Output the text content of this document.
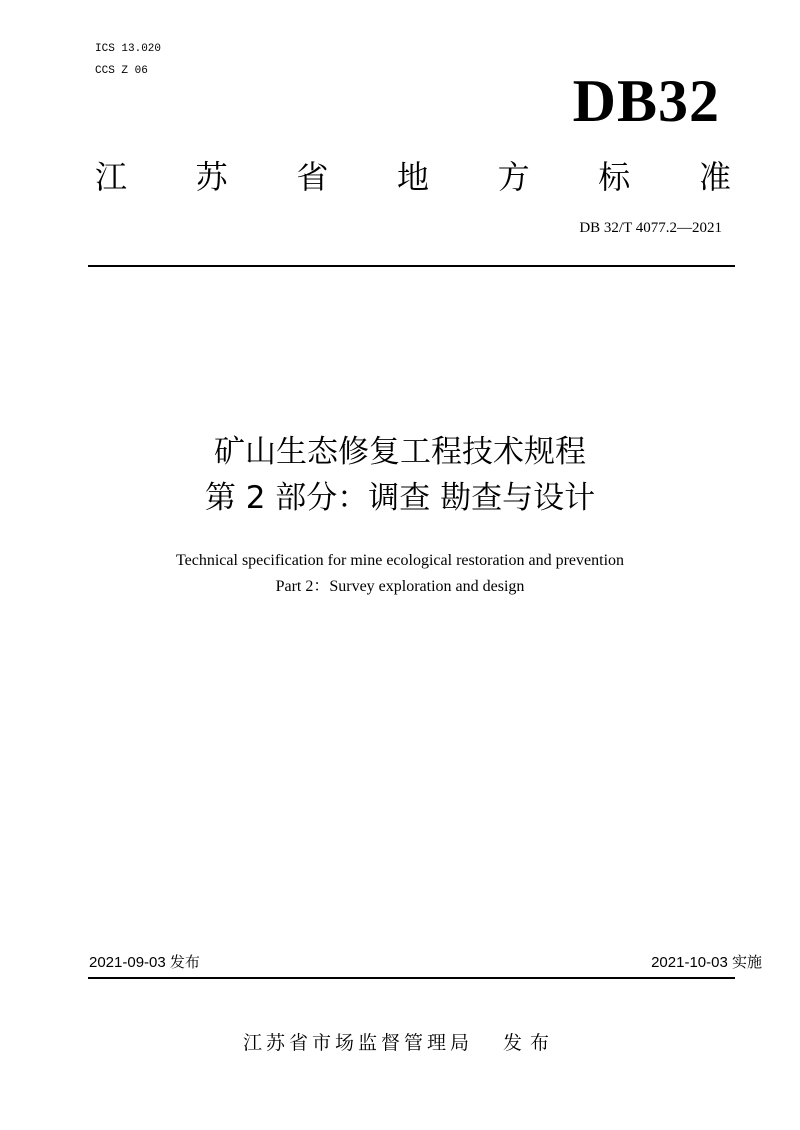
ICS 13.020
CCS Z 06	DB32
江 苏 省 地 方 标 准
DB 32/T 4077.2—2021
矿山生态修复工程技术规程
第 2 部分：调查 勘查与设计
Technical specification for mine ecological restoration and prevention
Part 2：Survey exploration and design
2021-09-03 发布	2021-10-03 实施
江苏省市场监督管理局 发布
